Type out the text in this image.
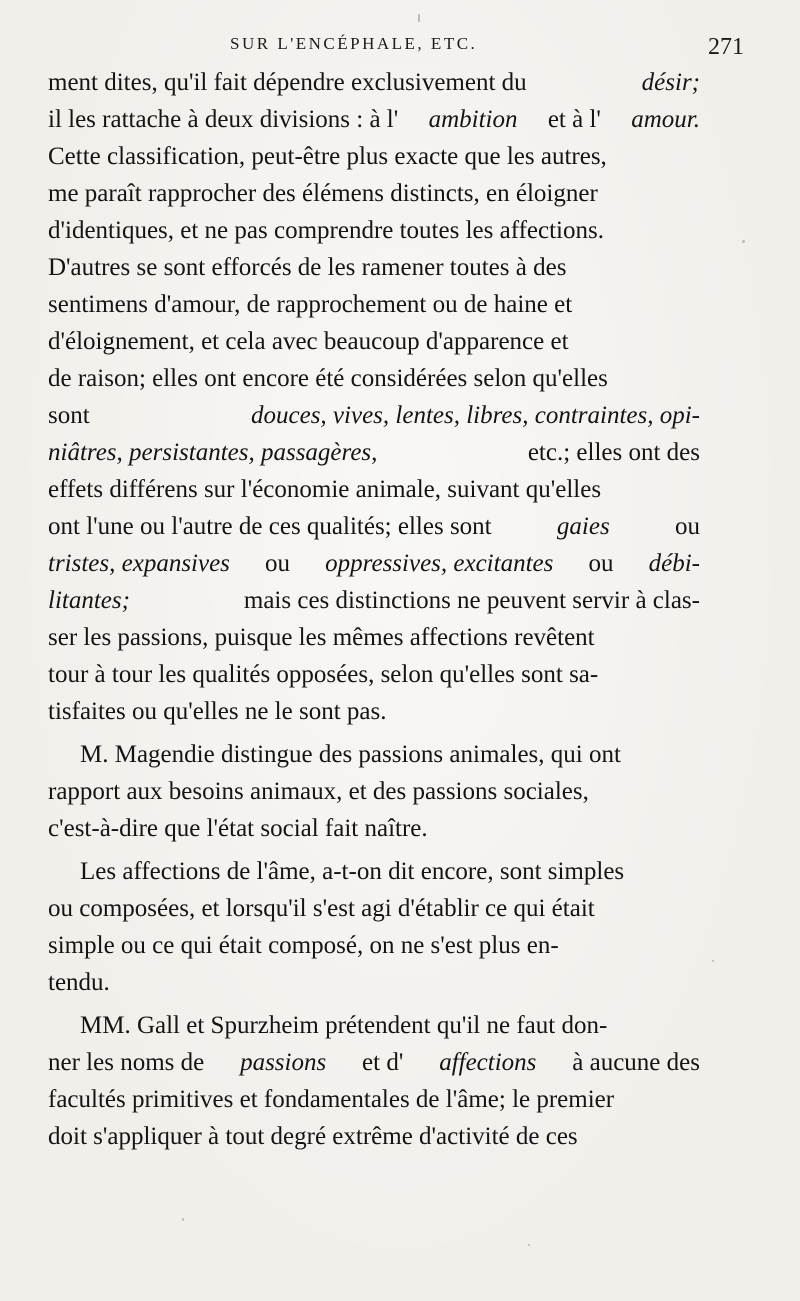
SUR L'ENCÉPHALE, ETC.	271
ment dites, qu'il fait dépendre exclusivement du	désir;
il les rattache à deux divisions : à l' ambition et à l' amour.
Cette classification, peut-être plus exacte que les autres,
me paraît rapprocher des élémens distincts, en éloigner
d'identiques, et ne pas comprendre toutes les affections.
D'autres se sont efforcés de les ramener toutes à des
sentimens d'amour, de rapprochement ou de haine et
d'éloignement, et cela avec beaucoup d'apparence et
de raison; elles ont encore été considérées selon qu'elles
sont	douces, vives, lentes, libres, contraintes, opi-
niâtres, persistantes, passagères,	etc.; elles ont des
effets différens sur l'économie animale, suivant qu'elles
ont l'une ou l'autre de ces qualités; elles sont	gaies	ou
tristes, expansives ou oppressives, excitantes ou débi-
litantes;	mais ces distinctions ne peuvent servir à clas-
ser les passions, puisque les mêmes affections revêtent
tour à tour les qualités opposées, selon qu'elles sont sa-
tisfaites ou qu'elles ne le sont pas.
M. Magendie distingue des passions animales, qui ont
rapport aux besoins animaux, et des passions sociales,
c'est-à-dire que l'état social fait naître.
Les affections de l'âme, a-t-on dit encore, sont simples
ou composées, et lorsqu'il s'est agi d'établir ce qui était
simple ou ce qui était composé, on ne s'est plus en-
tendu.
MM. Gall et Spurzheim prétendent qu'il ne faut don-
ner les noms de passions et d' affections à aucune des
facultés primitives et fondamentales de l'âme; le premier
doit s'appliquer à tout degré extrême d'activité de ces
